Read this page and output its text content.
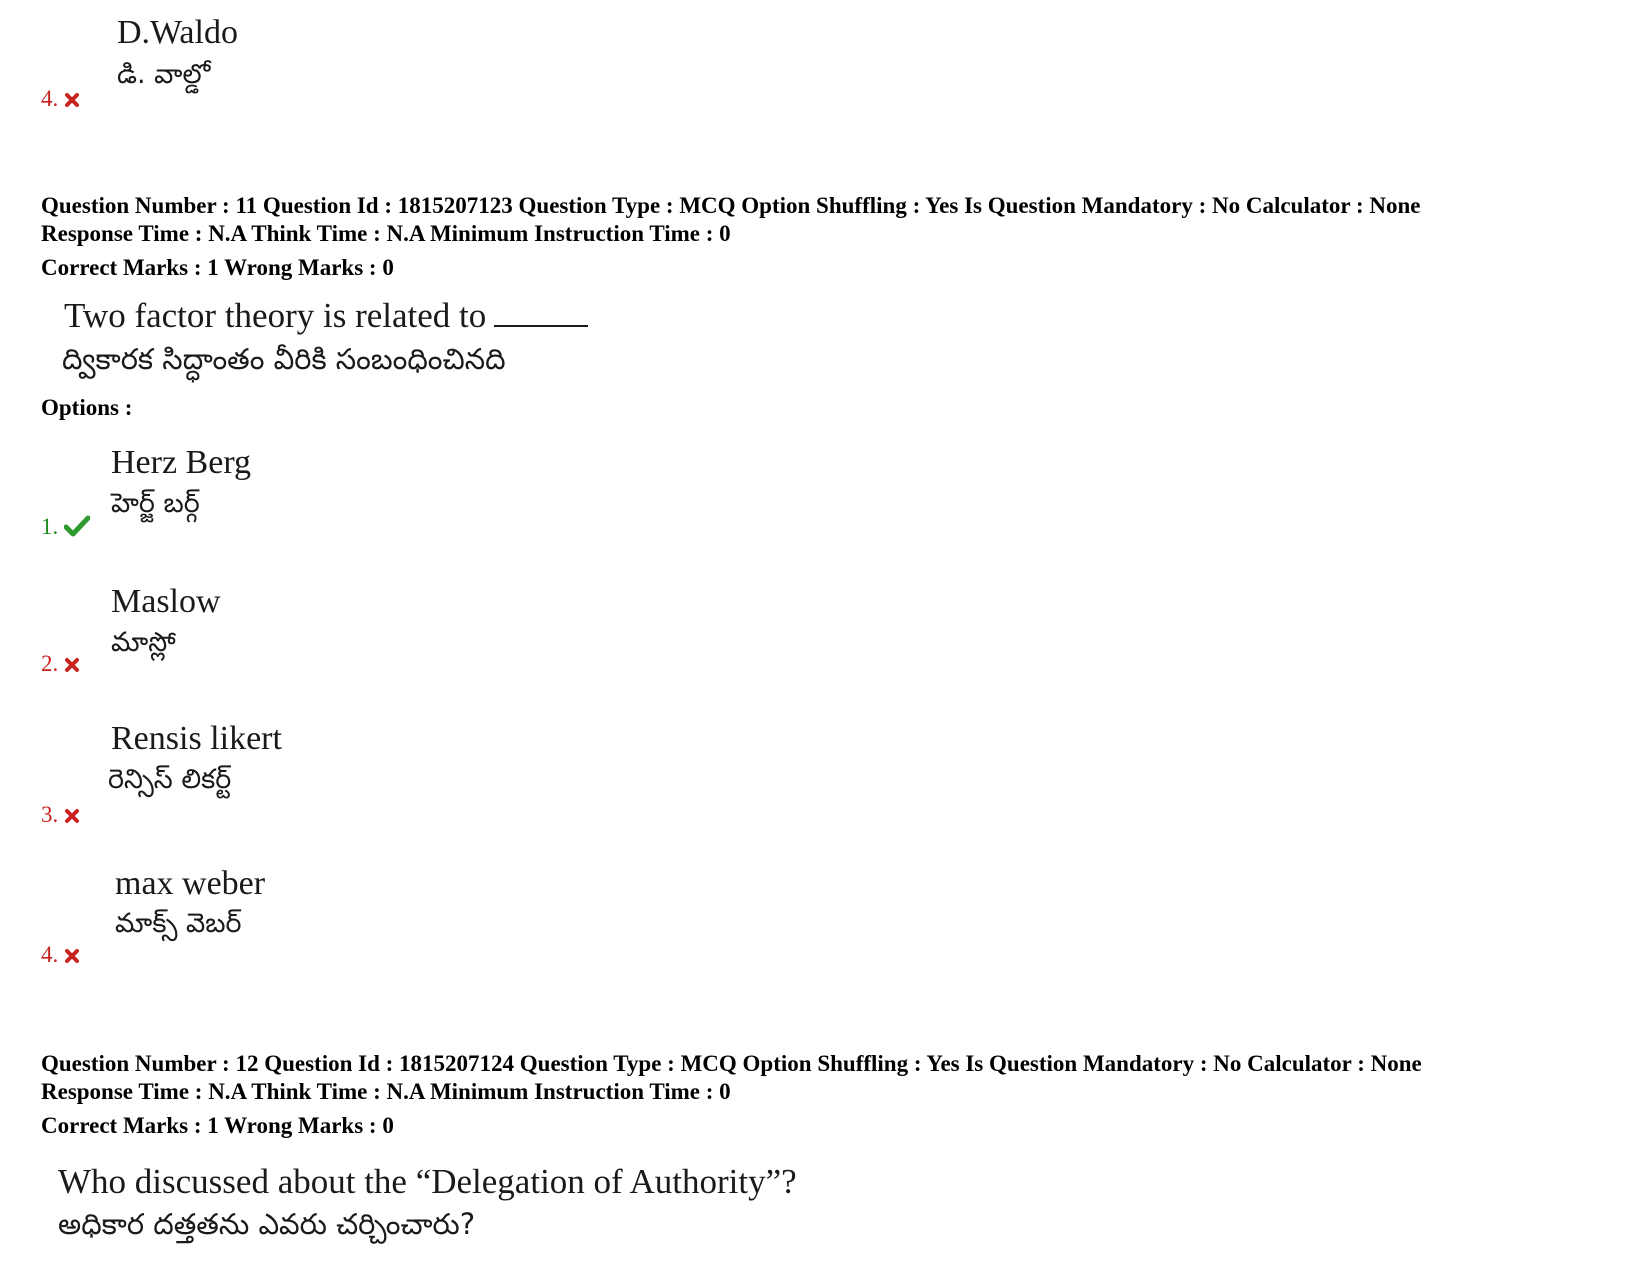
D.Waldo
డి. వాల్డో
4.
Question Number : 11 Question Id : 1815207123 Question Type : MCQ Option Shuffling : Yes Is Question Mandatory : No Calculator : None
Response Time : N.A Think Time : N.A Minimum Instruction Time : 0
Correct Marks : 1 Wrong Marks : 0
Two factor theory is related to
ద్వికారక సిద్ధాంతం వీరికి సంబంధించినది
Options :
Herz Berg
హెర్జ్ బర్గ్
1.
Maslow
మాస్లో
2.
Rensis likert
రెన్సిస్ లికర్ట్
3.
max weber
మాక్స్ వెబర్
4.
Question Number : 12 Question Id : 1815207124 Question Type : MCQ Option Shuffling : Yes Is Question Mandatory : No Calculator : None
Response Time : N.A Think Time : N.A Minimum Instruction Time : 0
Correct Marks : 1 Wrong Marks : 0
Who discussed about the “Delegation of Authority”?
అధికార దత్తతను ఎవరు చర్చించారు?
